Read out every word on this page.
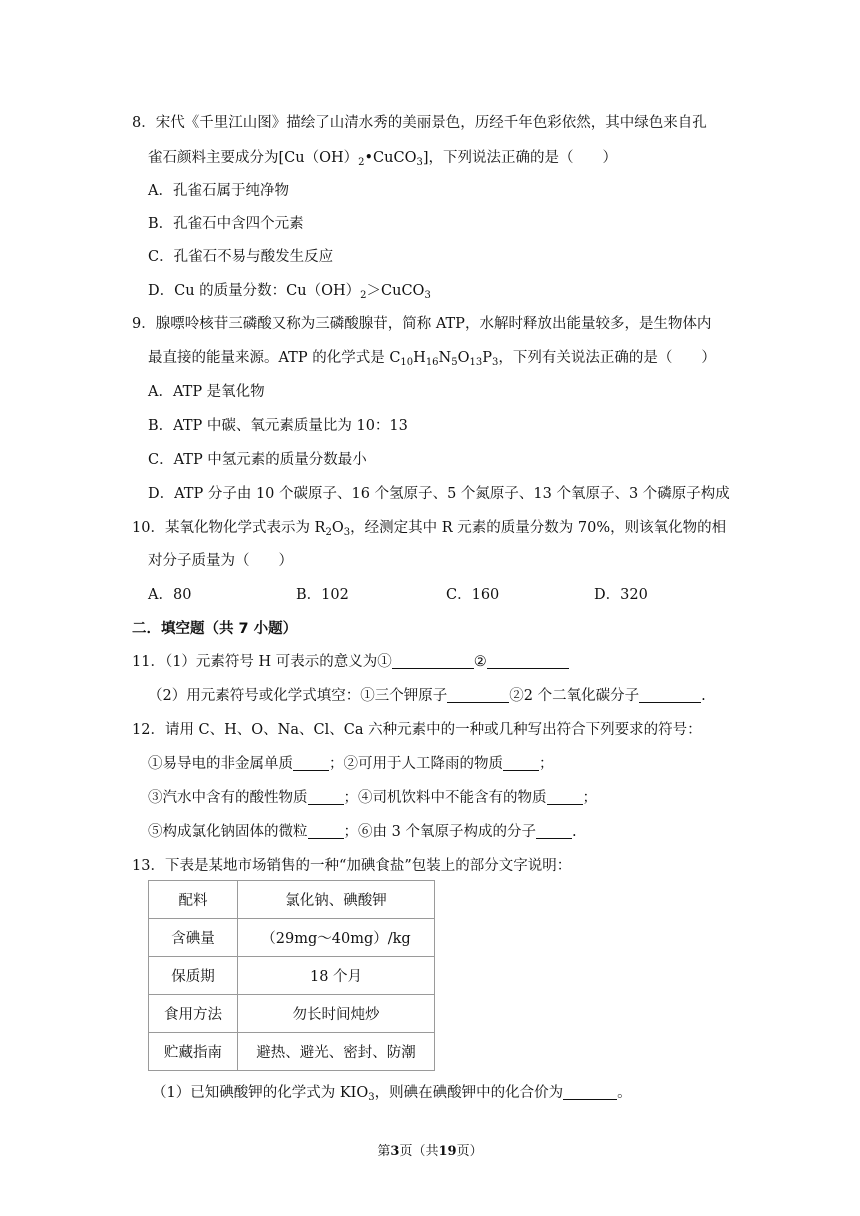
8．宋代《千里江山图》描绘了山清水秀的美丽景色，历经千年色彩依然，其中绿色来自孔
雀石颜料主要成分为$[Cu(OH)_2•CuCO_3]$，下列说法正确的是（　　）
A．孔雀石属于纯净物
B．孔雀石中含四个元素
C．孔雀石不易与酸发生反应
D．Cu 的质量分数：$Cu(OH)_2>CuCO_3$
9．腺嘌呤核苷三磷酸又称为三磷酸腺苷，简称 ATP，水解时释放出能量较多，是生物体内
最直接的能量来源。ATP 的化学式是 $C_{10}H_{16}N_5O_{13}P_3$，下列有关说法正确的是（　　）
A．ATP 是氧化物
B．ATP 中碳、氧元素质量比为 10：13
C．ATP 中氢元素的质量分数最小
D．ATP 分子由 10 个碳原子、16 个氢原子、5 个氮原子、13 个氧原子、3 个磷原子构成
10．某氧化物化学式表示为 $R_2O_3$，经测定其中 R 元素的质量分数为 70%，则该氧化物的相
对分子质量为（　　）
A．80	B．102	C．160	D．320
二．填空题（共 7 小题）
11．（1）元素符号 H 可表示的意义为①	②
（2）用元素符号或化学式填空：①三个钾原子	②2 个二氧化碳分子	.
12．请用 C、H、O、Na、Cl、Ca 六种元素中的一种或几种写出符合下列要求的符号：
①易导电的非金属单质 ；②可用于人工降雨的物质 ；
③汽水中含有的酸性物质 ；④司机饮料中不能含有的物质 ；
⑤构成氯化钠固体的微粒 ；⑥由 3 个氧原子构成的分子 .
13．下表是某地市场销售的一种“加碘食盐”包装上的部分文字说明：
配料	氯化钠、碘酸钾
含碘量	（29mg～40mg）/kg
保质期	18 个月
食用方法	勿长时间炖炒
贮藏指南	避热、避光、密封、防潮
（1）已知碘酸钾的化学式为 $KIO_3$，则碘在碘酸钾中的化合价为	。
第3页（共19页）
